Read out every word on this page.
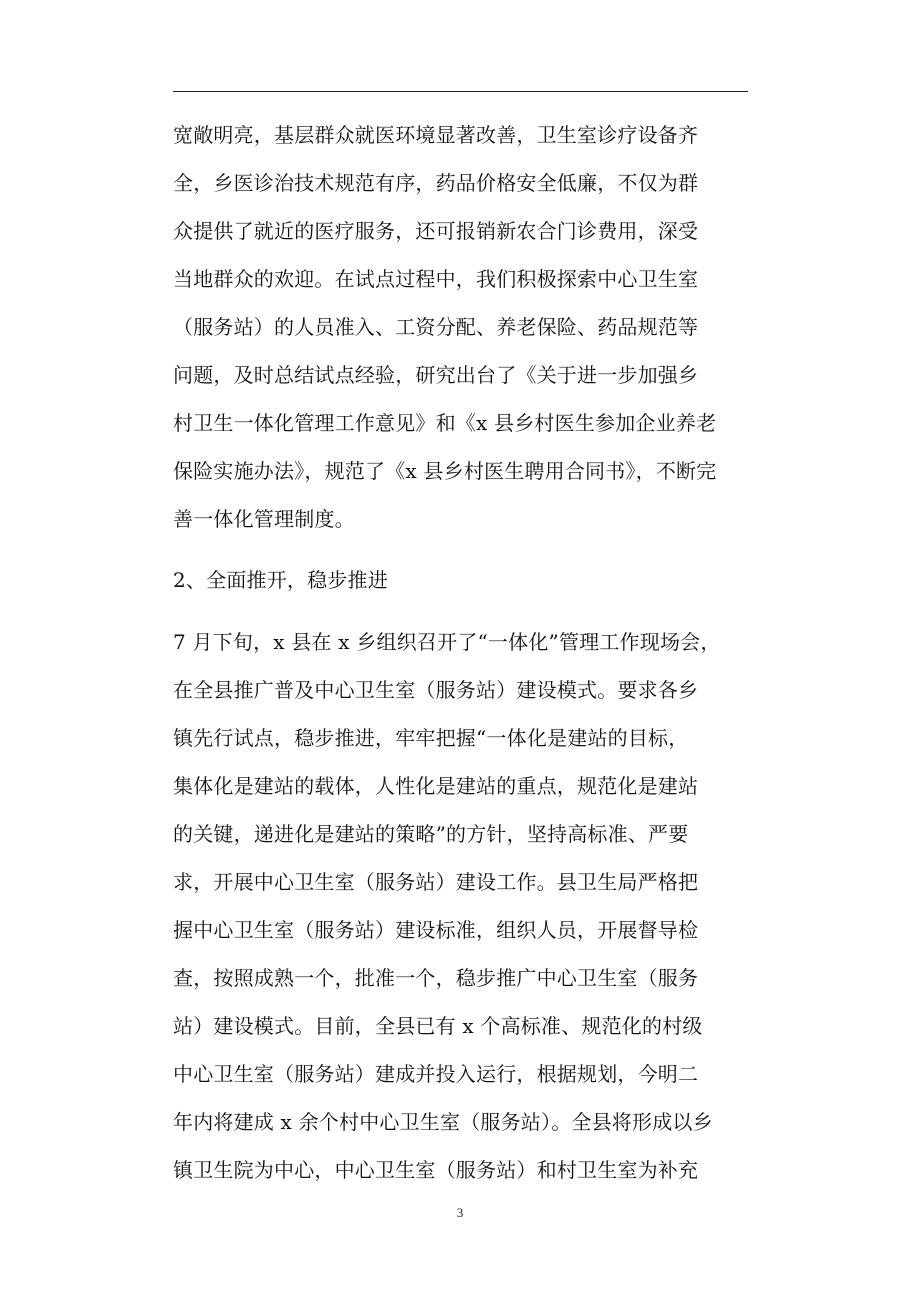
宽敞明亮，基层群众就医环境显著改善，卫生室诊疗设备齐
全，乡医诊治技术规范有序，药品价格安全低廉，不仅为群
众提供了就近的医疗服务，还可报销新农合门诊费用，深受
当地群众的欢迎。在试点过程中，我们积极探索中心卫生室
（服务站）的人员准入、工资分配、养老保险、药品规范等
问题，及时总结试点经验，研究出台了《关于进一步加强乡
村卫生一体化管理工作意见》和《x 县乡村医生参加企业养老
保险实施办法》，规范了《x 县乡村医生聘用合同书》，不断完
善一体化管理制度。
2、全面推开，稳步推进
7 月下旬，x 县在 x 乡组织召开了“一体化”管理工作现场会，
在全县推广普及中心卫生室（服务站）建设模式。要求各乡
镇先行试点，稳步推进，牢牢把握“一体化是建站的目标，
集体化是建站的载体，人性化是建站的重点，规范化是建站
的关键，递进化是建站的策略”的方针，坚持高标准、严要
求，开展中心卫生室（服务站）建设工作。县卫生局严格把
握中心卫生室（服务站）建设标准，组织人员，开展督导检
查，按照成熟一个，批准一个，稳步推广中心卫生室（服务
站）建设模式。目前，全县已有 x 个高标准、规范化的村级
中心卫生室（服务站）建成并投入运行，根据规划，今明二
年内将建成 x 余个村中心卫生室（服务站）。全县将形成以乡
镇卫生院为中心，中心卫生室（服务站）和村卫生室为补充
3
